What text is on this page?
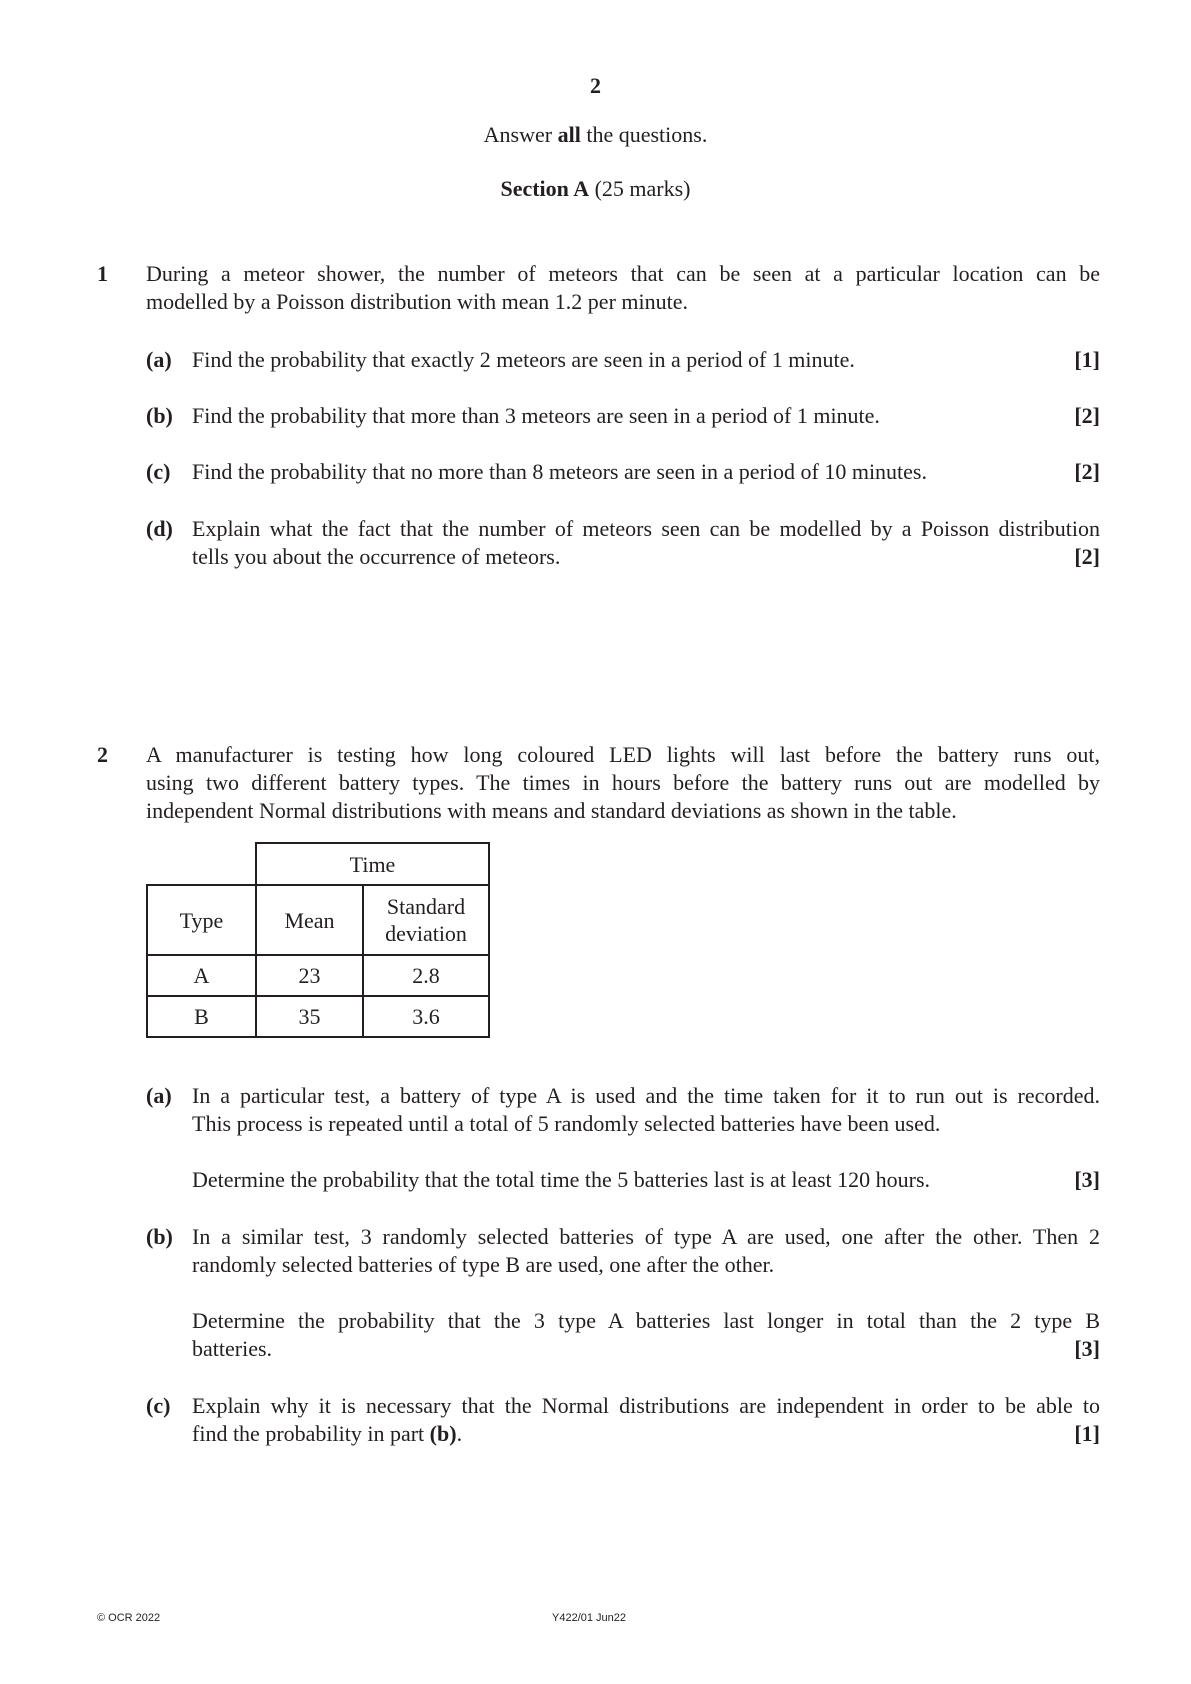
2
Answer all the questions.
Section A (25 marks)
1 During a meteor shower, the number of meteors that can be seen at a particular location can be
modelled by a Poisson distribution with mean 1.2 per minute.
(a) Find the probability that exactly 2 meteors are seen in a period of 1 minute.	[1]
(b) Find the probability that more than 3 meteors are seen in a period of 1 minute.	[2]
(c) Find the probability that no more than 8 meteors are seen in a period of 10 minutes.	[2]
(d) Explain what the fact that the number of meteors seen can be modelled by a Poisson distribution
tells you about the occurrence of meteors.	[2]
2 A manufacturer is testing how long coloured LED lights will last before the battery runs out,
using two different battery types. The times in hours before the battery runs out are modelled by
independent Normal distributions with means and standard deviations as shown in the table.
	Time	
Type	Mean	Standard
deviation
A	23	2.8
B	35	3.6
(a) In a particular test, a battery of type A is used and the time taken for it to run out is recorded.
This process is repeated until a total of 5 randomly selected batteries have been used.
Determine the probability that the total time the 5 batteries last is at least 120 hours.	[3]
(b) In a similar test, 3 randomly selected batteries of type A are used, one after the other. Then 2
randomly selected batteries of type B are used, one after the other.
Determine the probability that the 3 type A batteries last longer in total than the 2 type B
batteries.	[3]
(c) Explain why it is necessary that the Normal distributions are independent in order to be able to
find the probability in part (b).	[1]
© OCR 2022	Y422/01 Jun22
